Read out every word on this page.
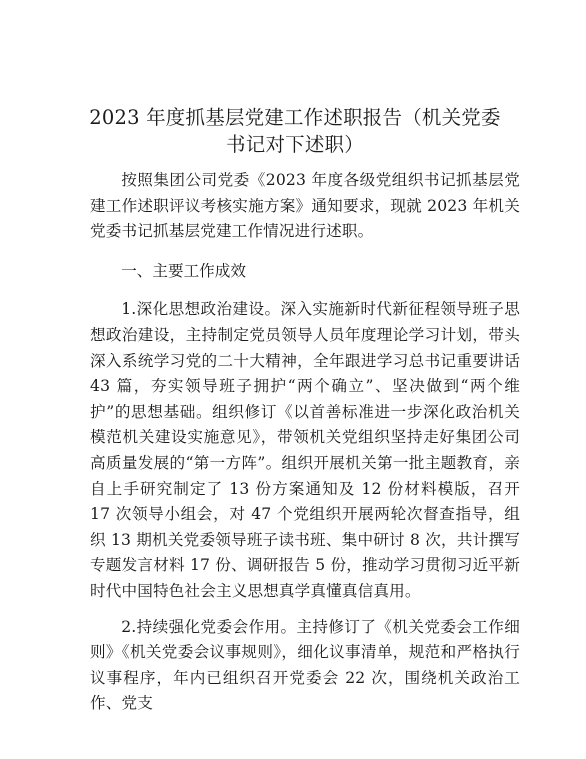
2023 年度抓基层党建工作述职报告（机关党委书记对下述职）

按照集团公司党委《2023 年度各级党组织书记抓基层党建工作述职评议考核实施方案》通知要求，现就 2023 年机关党委书记抓基层党建工作情况进行述职。

一、主要工作成效

1.深化思想政治建设。深入实施新时代新征程领导班子思想政治建设，主持制定党员领导人员年度理论学习计划，带头深入系统学习党的二十大精神，全年跟进学习总书记重要讲话 43 篇，夯实领导班子拥护“两个确立”、坚决做到“两个维护”的思想基础。组织修订《以首善标准进一步深化政治机关模范机关建设实施意见》，带领机关党组织坚持走好集团公司高质量发展的“第一方阵”。组织开展机关第一批主题教育，亲自上手研究制定了 13 份方案通知及 12 份材料模版，召开 17 次领导小组会，对 47 个党组织开展两轮次督查指导，组织 13 期机关党委领导班子读书班、集中研讨 8 次，共计撰写专题发言材料 17 份、调研报告 5 份，推动学习贯彻习近平新时代中国特色社会主义思想真学真懂真信真用。

2.持续强化党委会作用。主持修订了《机关党委会工作细则》《机关党委会议事规则》，细化议事清单，规范和严格执行议事程序，年内已组织召开党委会 22 次，围绕机关政治工作、党支
